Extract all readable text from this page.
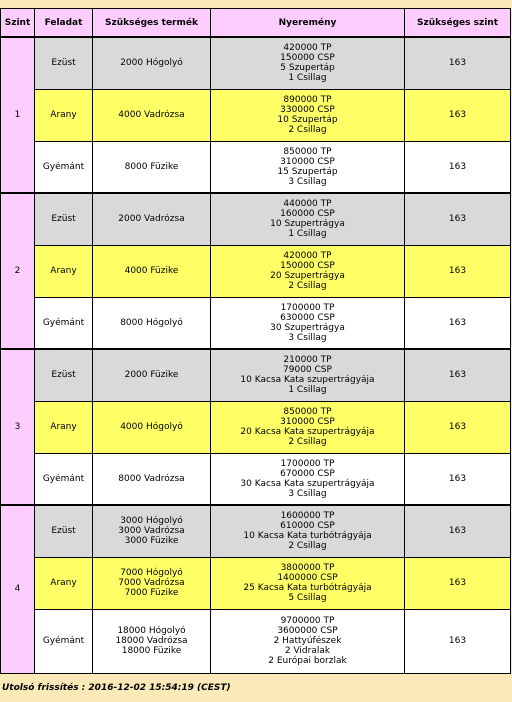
Szint	Feladat	Szükséges termék	Nyeremény	Szükséges szint
1	Ezüst	2000 Hógolyó	420000 TP
150000 CSP
5 Szupertáp
1 Csillag	163
	Arany	4000 Vadrózsa	890000 TP
330000 CSP
10 Szupertáp
2 Csillag	163
	Gyémánt	8000 Füzike	850000 TP
310000 CSP
15 Szupertáp
3 Csillag	163
2	Ezüst	2000 Vadrózsa	440000 TP
160000 CSP
10 Szupertrágya
1 Csillag	163
	Arany	4000 Füzike	420000 TP
150000 CSP
20 Szupertrágya
2 Csillag	163
	Gyémánt	8000 Hógolyó	1700000 TP
630000 CSP
30 Szupertrágya
3 Csillag	163
3	Ezüst	2000 Füzike	210000 TP
79000 CSP
10 Kacsa Kata szupertrágyája
1 Csillag	163
	Arany	4000 Hógolyó	850000 TP
310000 CSP
20 Kacsa Kata szupertrágyája
2 Csillag	163
	Gyémánt	8000 Vadrózsa	1700000 TP
670000 CSP
30 Kacsa Kata szupertrágyája
3 Csillag	163
4	Ezüst	3000 Hógolyó
3000 Vadrózsa
3000 Füzike	1600000 TP
610000 CSP
10 Kacsa Kata turbótrágyája
2 Csillag	163
	Arany	7000 Hógolyó
7000 Vadrózsa
7000 Füzike	3800000 TP
1400000 CSP
25 Kacsa Kata turbótrágyája
5 Csillag	163
	Gyémánt	18000 Hógolyó
18000 Vadrózsa
18000 Füzike	9700000 TP
3600000 CSP
2 Hattyúfészek
2 Vidralak
2 Európai borzlak	163
Utolsó frissítés : 2016-12-02 15:54:19 (CEST)
